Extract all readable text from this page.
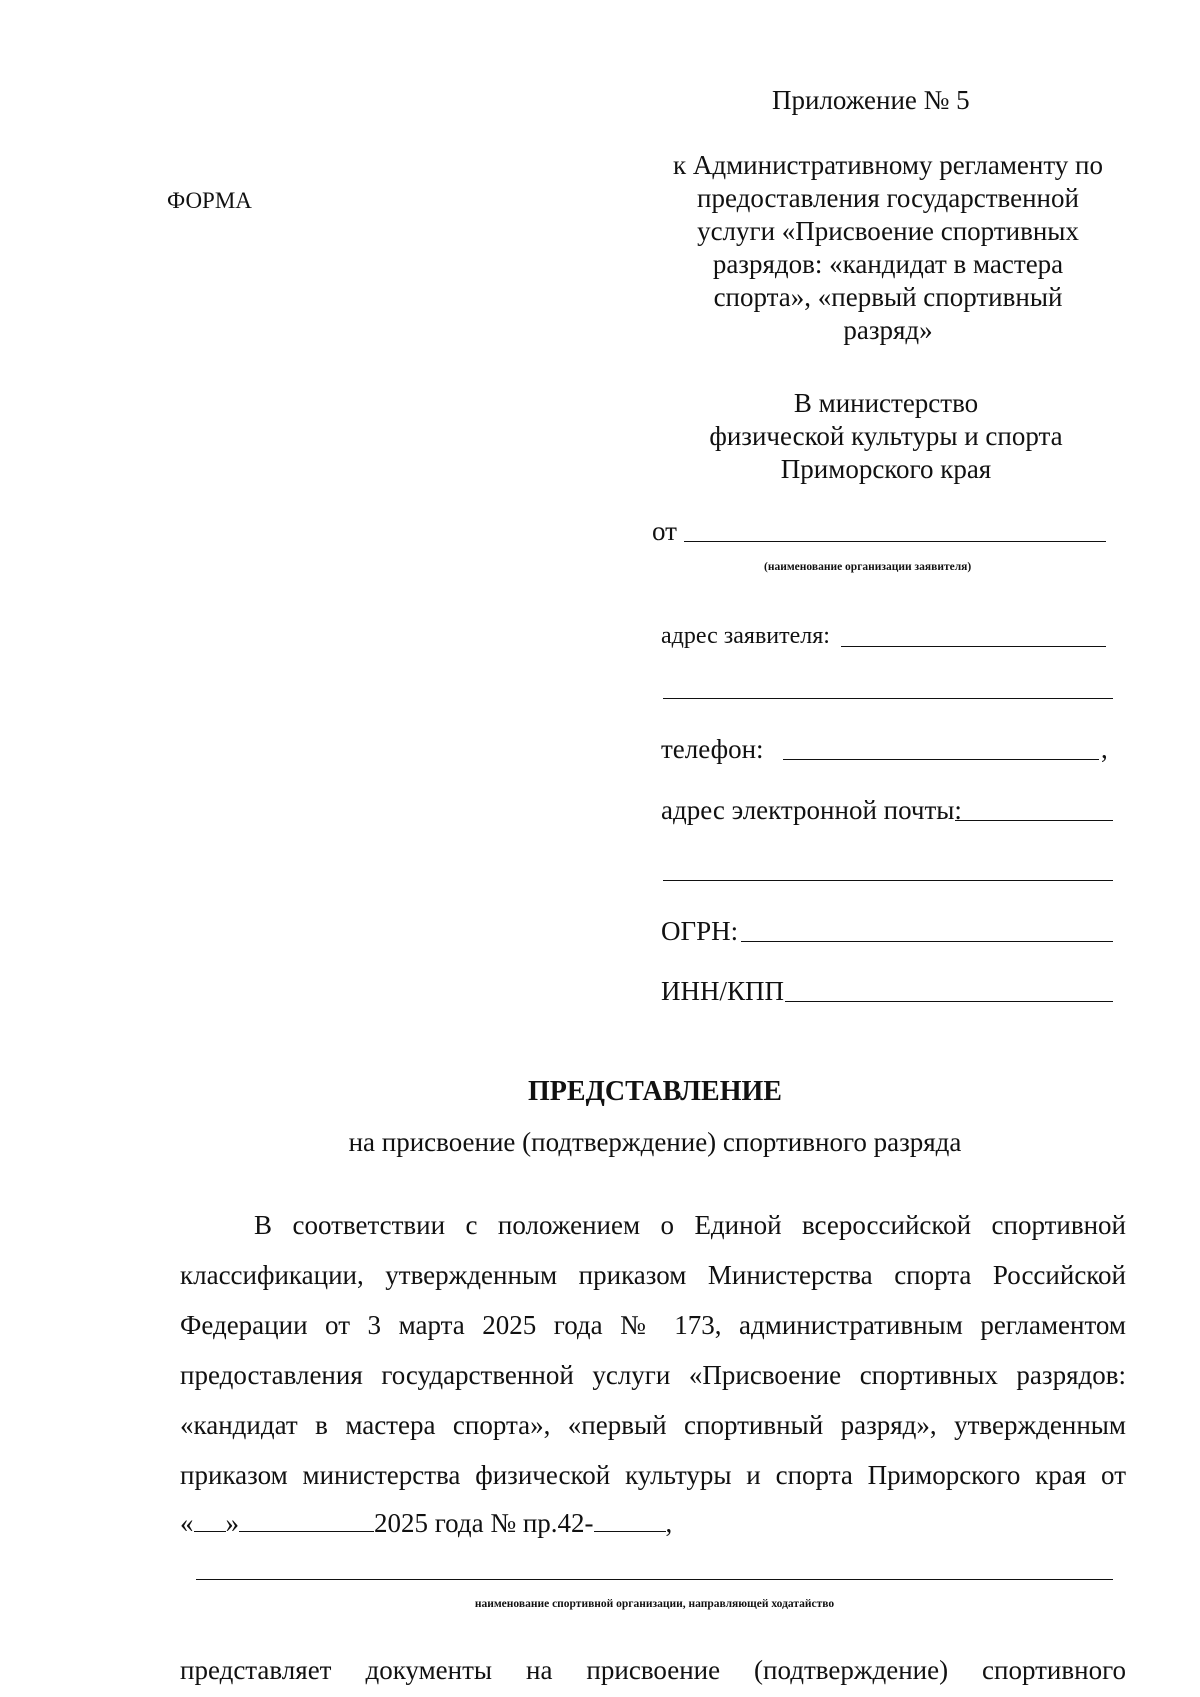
Приложение № 5
ФОРМА
к Административному регламенту по
предоставления государственной
услуги «Присвоение спортивных
разрядов: «кандидат в мастера
спорта», «первый спортивный
разряд»
В министерство
физической культуры и спорта
Приморского края
от
(наименование организации заявителя)
адрес заявителя:
телефон:	,
адрес электронной почты:
ОГРН:
ИНН/КПП
ПРЕДСТАВЛЕНИЕ
на присвоение (подтверждение) спортивного разряда
В соответствии с положением о Единой всероссийской спортивной
классификации, утвержденным приказом Министерства спорта Российской
Федерации от 3 марта 2025 года № 173, административным регламентом
предоставления государственной услуги «Присвоение спортивных разрядов:
«кандидат в мастера спорта», «первый спортивный разряд», утвержденным
приказом министерства физической культуры и спорта Приморского края от
« »	2025 года № пр.42-	,
наименование спортивной организации, направляющей ходатайство
представляет документы на присвоение (подтверждение) спортивного
